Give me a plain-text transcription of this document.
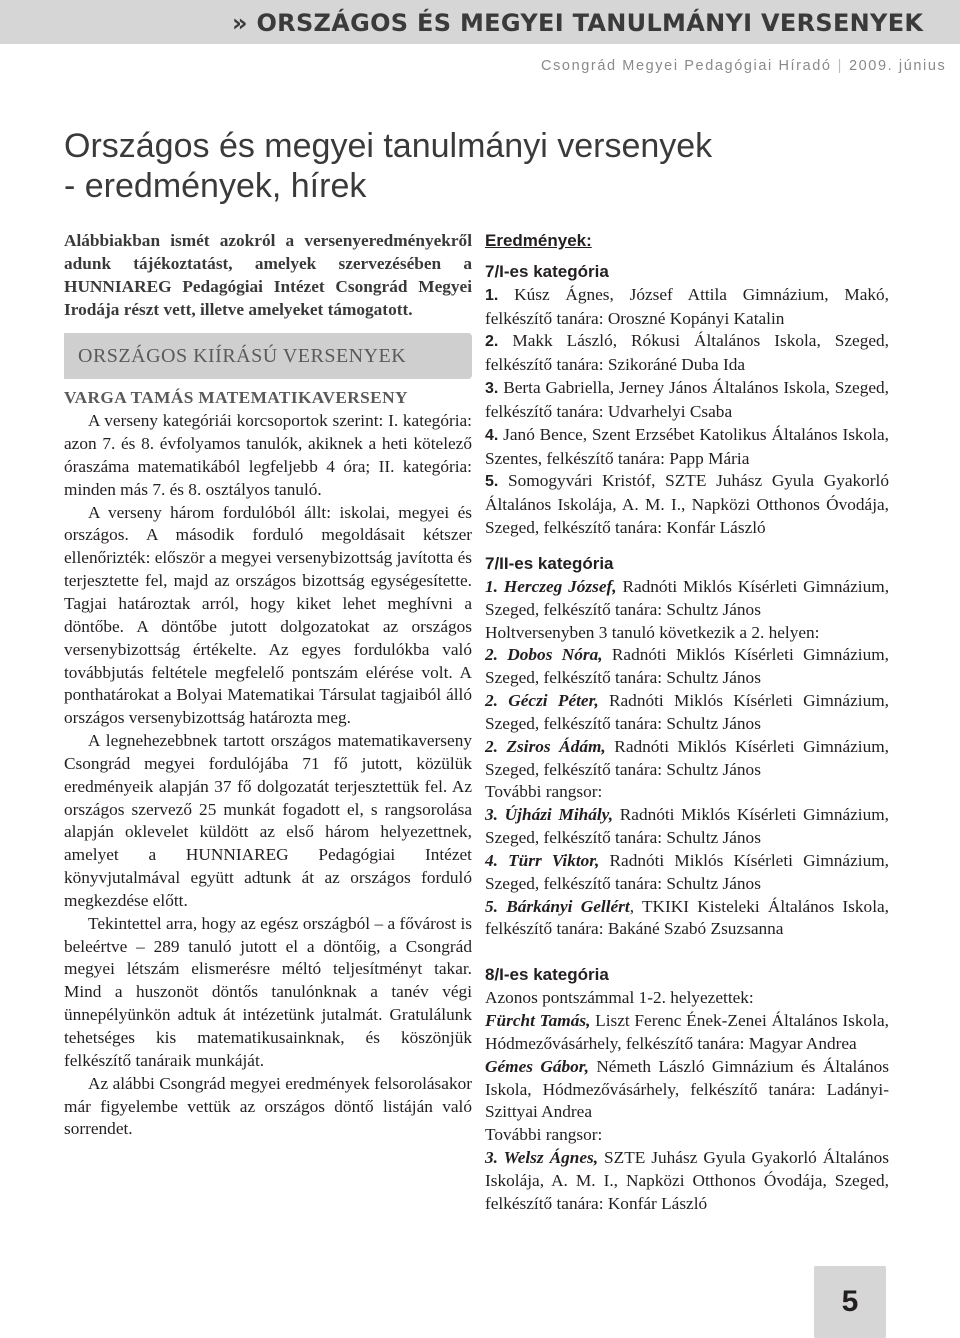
» ORSZÁGOS ÉS MEGYEI TANULMÁNYI VERSENYEK
Csongrád Megyei Pedagógiai Híradó | 2009. június
Országos és megyei tanulmányi versenyek
- eredmények, hírek

Alábbiakban ismét azokról a versenyeredményekről adunk tájékoztatást, amelyek szervezésében a HUNNIAREG Pedagógiai Intézet Csongrád Megyei Irodája részt vett, illetve amelyeket támogatott.

ORSZÁGOS KIÍRÁSÚ VERSENYEK

VARGA TAMÁS MATEMATIKAVERSENY

A verseny kategóriái korcsoportok szerint: I. kategória: azon 7. és 8. évfolyamos tanulók, akiknek a heti kötelező óraszáma matematikából legfeljebb 4 óra; II. kategória: minden más 7. és 8. osztályos tanuló.

A verseny három fordulóból állt: iskolai, megyei és országos. A második forduló megoldásait kétszer ellenőrizték: először a megyei versenybizottság javította és terjesztette fel, majd az országos bizottság egységesítette. Tagjai határoztak arról, hogy kiket lehet meghívni a döntőbe. A döntőbe jutott dolgozatokat az országos versenybizottság értékelte. Az egyes fordulókba való továbbjutás feltétele megfelelő pontszám elérése volt. A ponthatárokat a Bolyai Matematikai Társulat tagjaiból álló országos versenybizottság határozta meg.

A legnehezebbnek tartott országos matematikaverseny Csongrád megyei fordulójába 71 fő jutott, közülük eredményeik alapján 37 fő dolgozatát terjesztettük fel. Az országos szervező 25 munkát fogadott el, s rangsorolása alapján oklevelet küldött az első három helyezettnek, amelyet a HUNNIAREG Pedagógiai Intézet könyvjutalmával együtt adtunk át az országos forduló megkezdése előtt.

Tekintettel arra, hogy az egész országból – a fővárost is beleértve – 289 tanuló jutott el a döntőig, a Csongrád megyei létszám elismerésre méltó teljesítményt takar. Mind a huszonöt döntős tanulónknak a tanév végi ünnepélyünkön adtuk át intézetünk jutalmát. Gratulálunk tehetséges kis matematikusainknak, és köszönjük felkészítő tanáraik munkáját.

Az alábbi Csongrád megyei eredmények felsorolásakor már figyelembe vettük az országos döntő listáján való sorrendet.

Eredmények:

7/I-es kategória

1. Kúsz Ágnes, József Attila Gimnázium, Makó, felkészítő tanára: Oroszné Kopányi Katalin

2. Makk László, Rókusi Általános Iskola, Szeged, felkészítő tanára: Szikoráné Duba Ida

3. Berta Gabriella, Jerney János Általános Iskola, Szeged, felkészítő tanára: Udvarhelyi Csaba

4. Janó Bence, Szent Erzsébet Katolikus Általános Iskola, Szentes, felkészítő tanára: Papp Mária

5. Somogyvári Kristóf, SZTE Juhász Gyula Gyakorló Általános Iskolája, A. M. I., Napközi Otthonos Óvodája, Szeged, felkészítő tanára: Konfár László

7/II-es kategória

1. Herczeg József, Radnóti Miklós Kísérleti Gimnázium, Szeged, felkészítő tanára: Schultz János

Holtversenyben 3 tanuló következik a 2. helyen:

2. Dobos Nóra, Radnóti Miklós Kísérleti Gimnázium, Szeged, felkészítő tanára: Schultz János

2. Géczi Péter, Radnóti Miklós Kísérleti Gimnázium, Szeged, felkészítő tanára: Schultz János

2. Zsiros Ádám, Radnóti Miklós Kísérleti Gimnázium, Szeged, felkészítő tanára: Schultz János

További rangsor:

3. Újházi Mihály, Radnóti Miklós Kísérleti Gimnázium, Szeged, felkészítő tanára: Schultz János

4. Türr Viktor, Radnóti Miklós Kísérleti Gimnázium, Szeged, felkészítő tanára: Schultz János

5. Bárkányi Gellért, TKIKI Kisteleki Általános Iskola, felkészítő tanára: Bakáné Szabó Zsuzsanna

8/I-es kategória

Azonos pontszámmal 1-2. helyezettek:

Fürcht Tamás, Liszt Ferenc Ének-Zenei Általános Iskola, Hódmezővásárhely, felkészítő tanára: Magyar Andrea

Gémes Gábor, Németh László Gimnázium és Általános Iskola, Hódmezővásárhely, felkészítő tanára: Ladányi-Szittyai Andrea

További rangsor:

3. Welsz Ágnes, SZTE Juhász Gyula Gyakorló Általános Iskolája, A. M. I., Napközi Otthonos Óvodája, Szeged, felkészítő tanára: Konfár László

5
